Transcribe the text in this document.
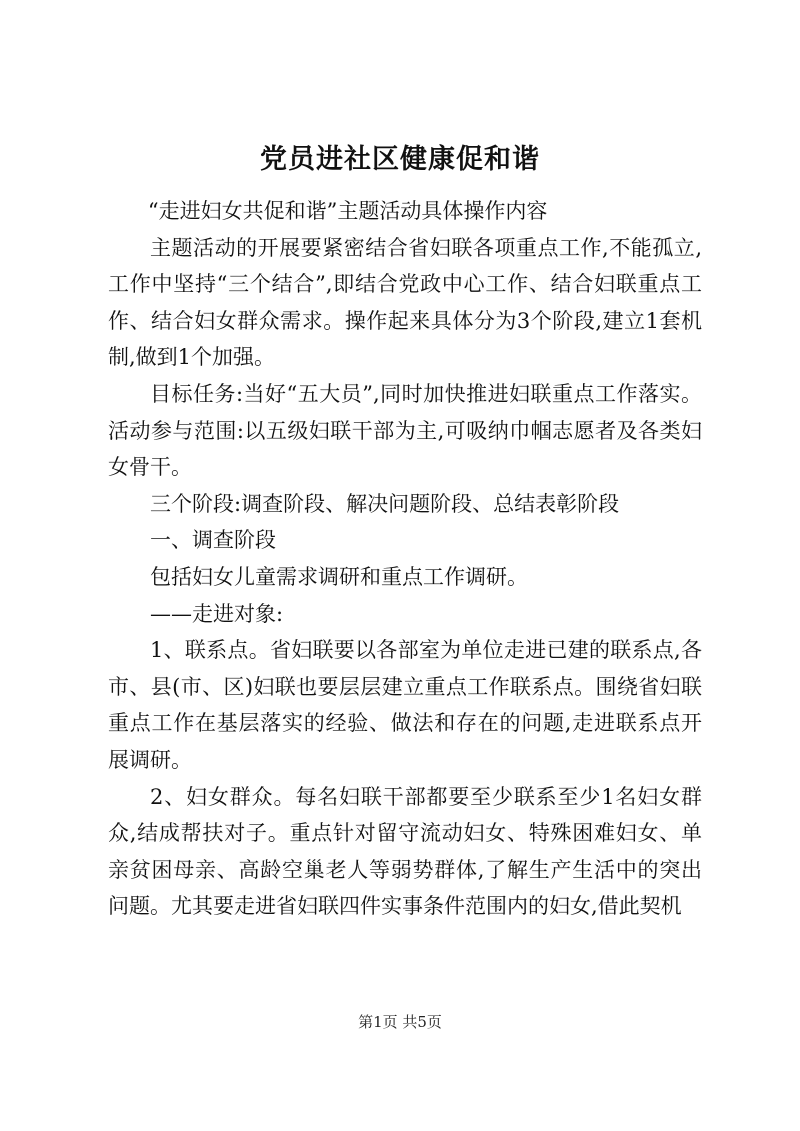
党员进社区健康促和谐

“走进妇女共促和谐”主题活动具体操作内容

主题活动的开展要紧密结合省妇联各项重点工作,不能孤立,工作中坚持“三个结合”,即结合党政中心工作、结合妇联重点工作、结合妇女群众需求。操作起来具体分为3个阶段,建立1套机制,做到1个加强。

目标任务:当好“五大员”,同时加快推进妇联重点工作落实。活动参与范围:以五级妇联干部为主,可吸纳巾帼志愿者及各类妇女骨干。

三个阶段:调查阶段、解决问题阶段、总结表彰阶段

一、调查阶段

包括妇女儿童需求调研和重点工作调研。

——走进对象:

1、联系点。省妇联要以各部室为单位走进已建的联系点,各市、县(市、区)妇联也要层层建立重点工作联系点。围绕省妇联重点工作在基层落实的经验、做法和存在的问题,走进联系点开展调研。

2、妇女群众。每名妇联干部都要至少联系至少1名妇女群众,结成帮扶对子。重点针对留守流动妇女、特殊困难妇女、单亲贫困母亲、高龄空巢老人等弱势群体,了解生产生活中的突出问题。尤其要走进省妇联四件实事条件范围内的妇女,借此契机

第1页 共5页
